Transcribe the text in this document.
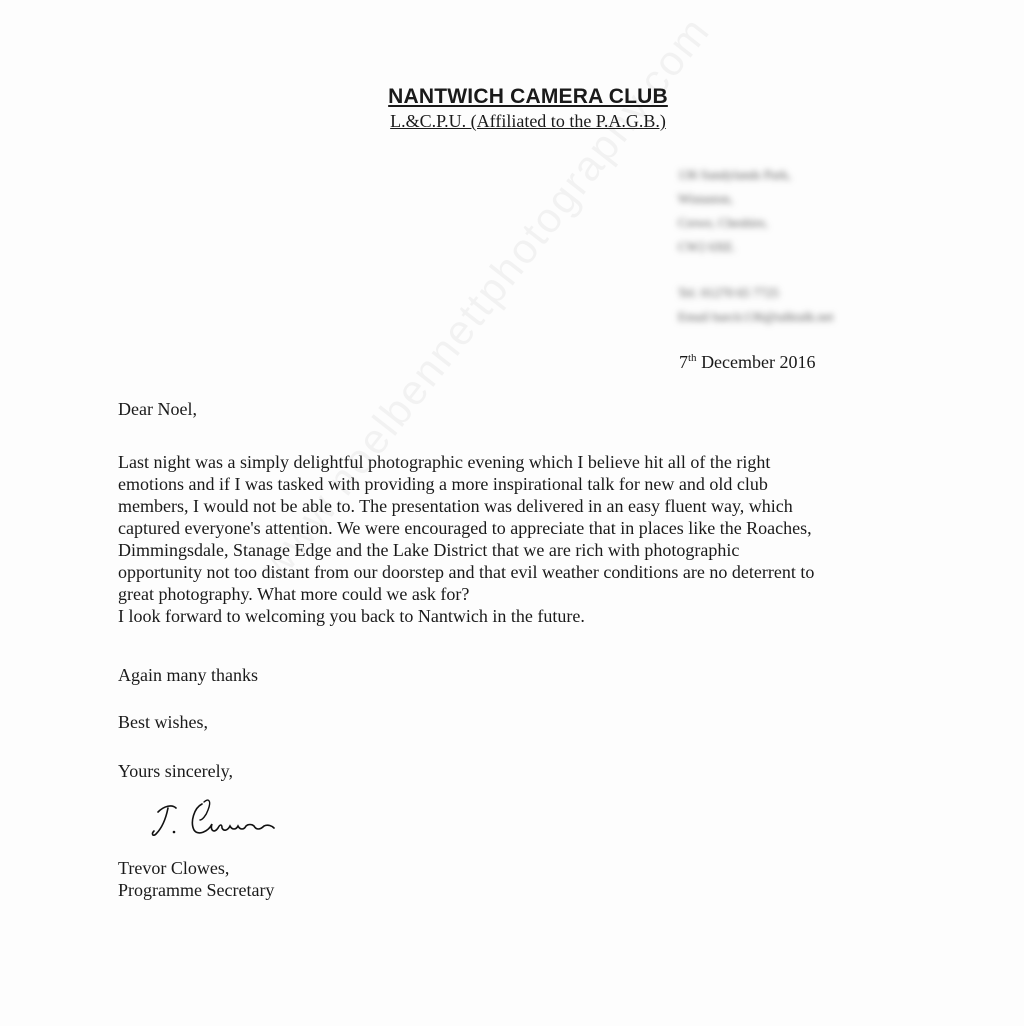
NANTWICH CAMERA CLUB
L.&C.P.U. (Affiliated to the P.A.G.B.)
136 Sandylands Park,
Wistaston,
Crewe, Cheshire,
CW2 6XE.
Tel. 01270 65 7725
Email barclc136@talktalk.net
7th December 2016
Dear Noel,
Last night was a simply delightful photographic evening which I believe hit all of the right
emotions and if I was tasked with providing a more inspirational talk for new and old club
members, I would not be able to. The presentation was delivered in an easy fluent way, which
captured everyone's attention. We were encouraged to appreciate that in places like the Roaches,
Dimmingsdale, Stanage Edge and the Lake District that we are rich with photographic
opportunity not too distant from our doorstep and that evil weather conditions are no deterrent to
great photography. What more could we ask for?
I look forward to welcoming you back to Nantwich in the future.
Again many thanks
Best wishes,
Yours sincerely,
Trevor Clowes,
Programme Secretary
